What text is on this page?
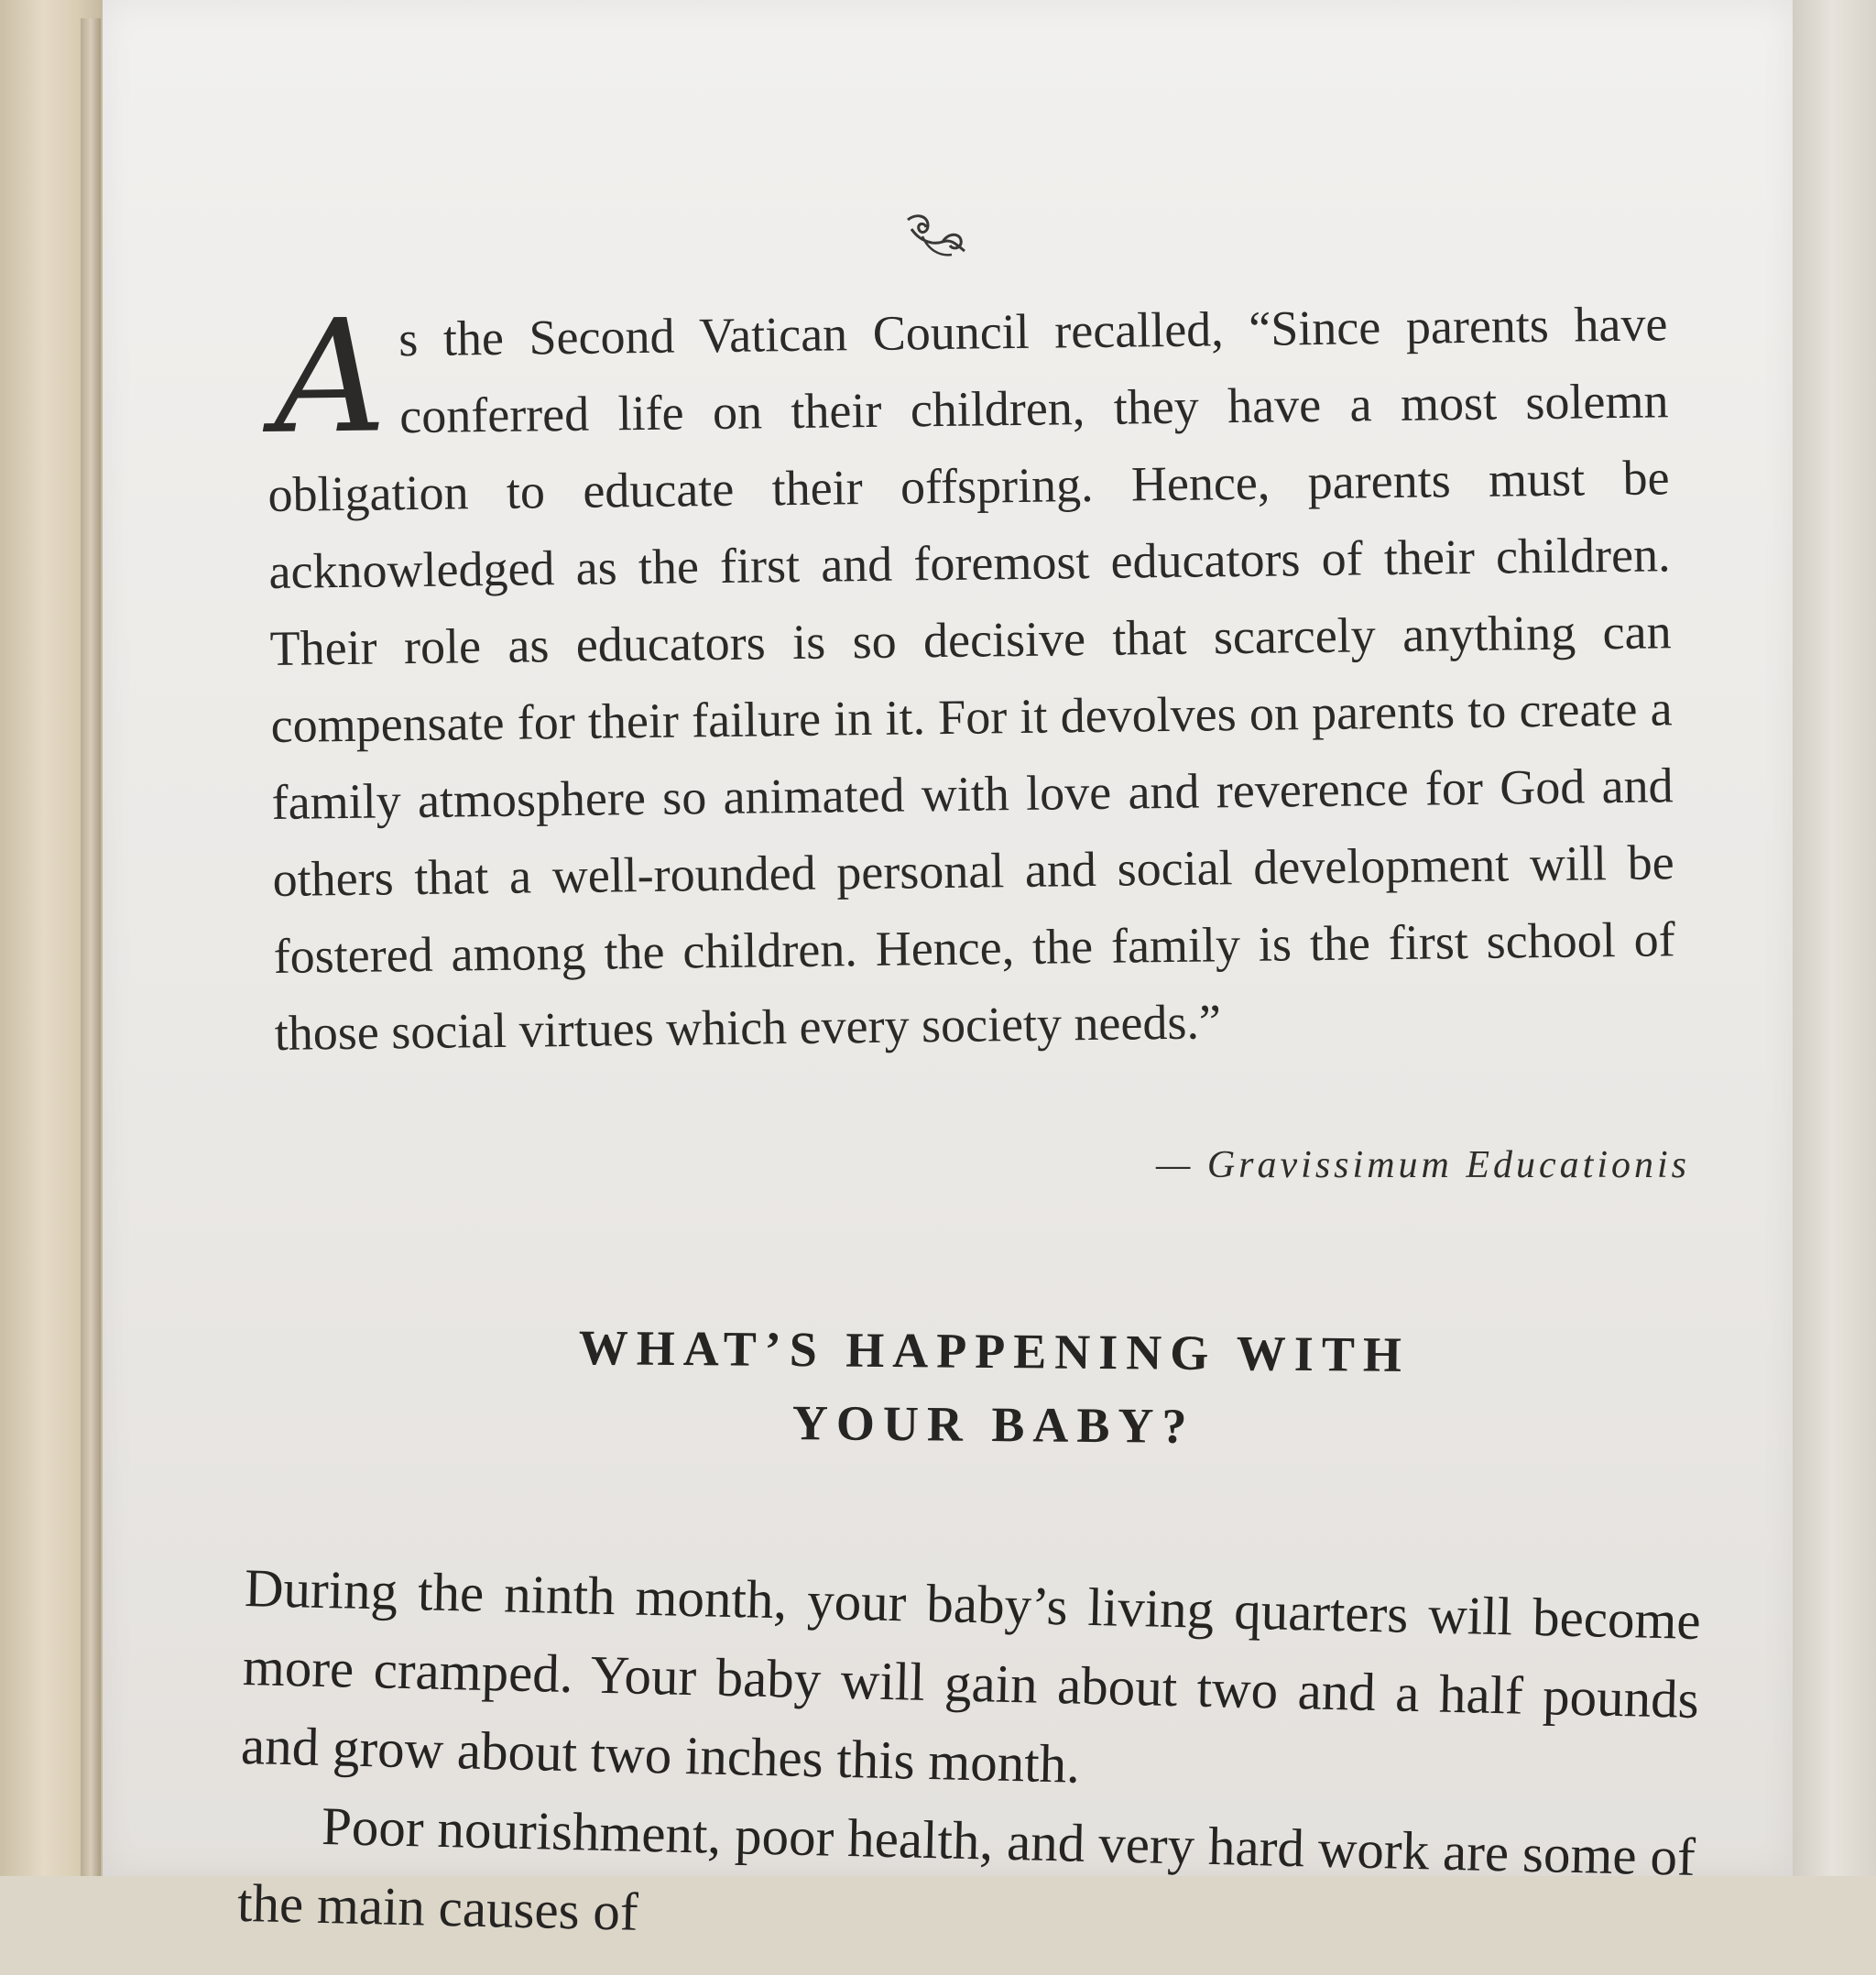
As the Second Vatican Council recalled, “Since parents have conferred life on their children, they have a most solemn obligation to educate their offspring. Hence, parents must be acknowledged as the first and foremost educators of their children. Their role as educators is so decisive that scarcely anything can compensate for their failure in it. For it devolves on parents to create a family atmosphere so animated with love and reverence for God and others that a well-rounded personal and social development will be fostered among the children. Hence, the family is the first school of those social virtues which every society needs.”
— Gravissimum Educationis
WHAT’S HAPPENING WITH
YOUR BABY?

During the ninth month, your baby’s living quarters will become more cramped. Your baby will gain about two and a half pounds and grow about two inches this month.

Poor nourishment, poor health, and very hard work are some of the main causes of
